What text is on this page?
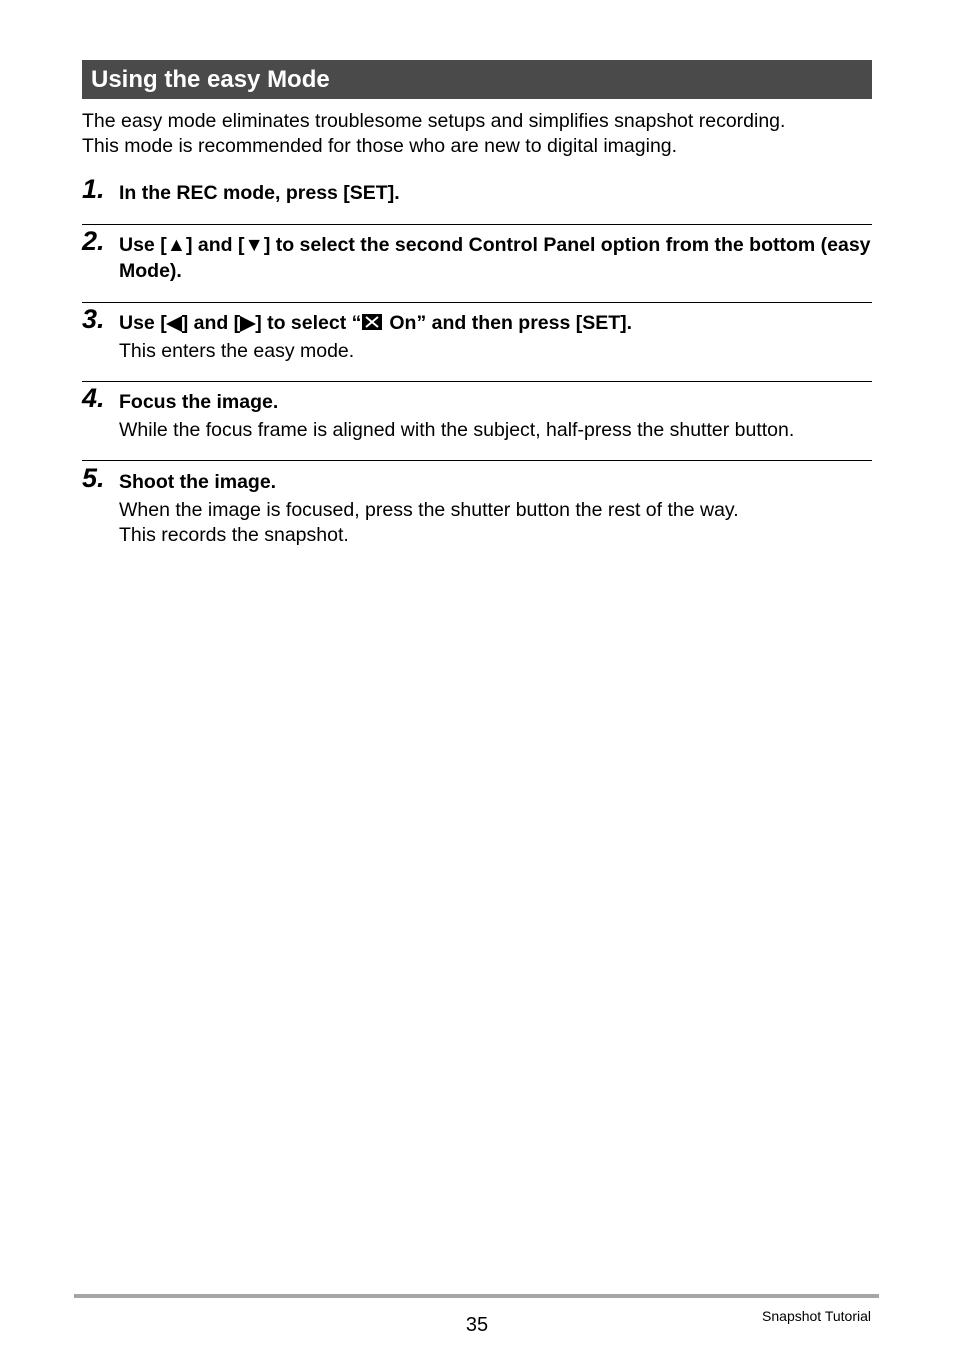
Using the easy Mode

The easy mode eliminates troublesome setups and simplifies snapshot recording.

This mode is recommended for those who are new to digital imaging.

1. In the REC mode, press [SET].
2. Use [▲] and [▼] to select the second Control Panel option from the bottom (easy Mode).
3. Use [◀] and [▶] to select “ On” and then press [SET].

This enters the easy mode.

4. Focus the image.

While the focus frame is aligned with the subject, half-press the shutter button.

5. Shoot the image.

When the image is focused, press the shutter button the rest of the way.

This records the snapshot.

35	Snapshot Tutorial
